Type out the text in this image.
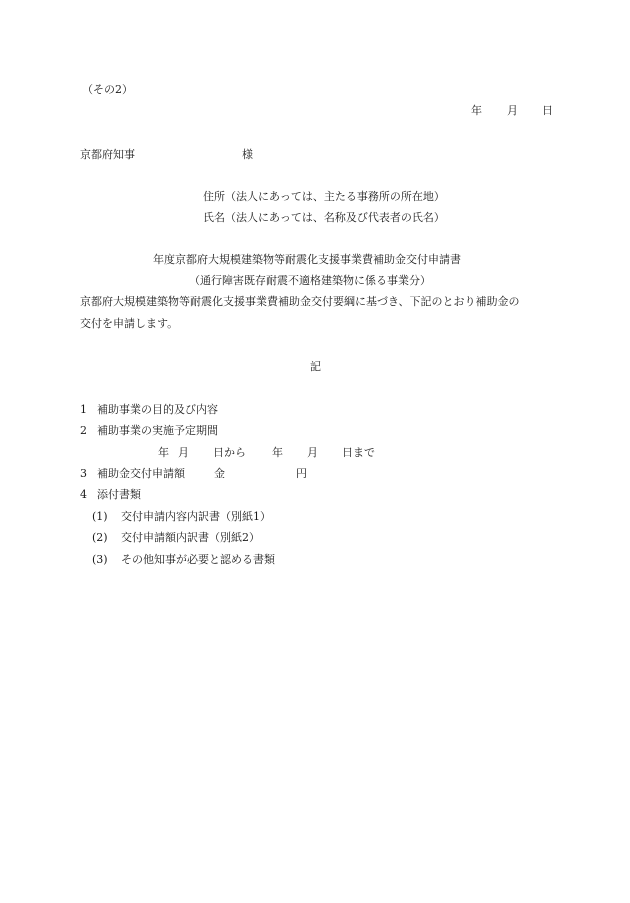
（その2）
年 月 日
京都府知事	様
住所（法人にあっては、主たる事務所の所在地）
氏名（法人にあっては、名称及び代表者の氏名）
年度京都府大規模建築物等耐震化支援事業費補助金交付申請書
（通行障害既存耐震不適格建築物に係る事業分）
京都府大規模建築物等耐震化支援事業費補助金交付要綱に基づき、下記のとおり補助金の
交付を申請します。
記
1 補助事業の目的及び内容
2 補助事業の実施予定期間
年 月 日から 年 月 日まで
3 補助金交付申請額	金	円
4 添付書類
(1) 交付申請内容内訳書（別紙1）
(2) 交付申請額内訳書（別紙2）
(3) その他知事が必要と認める書類
